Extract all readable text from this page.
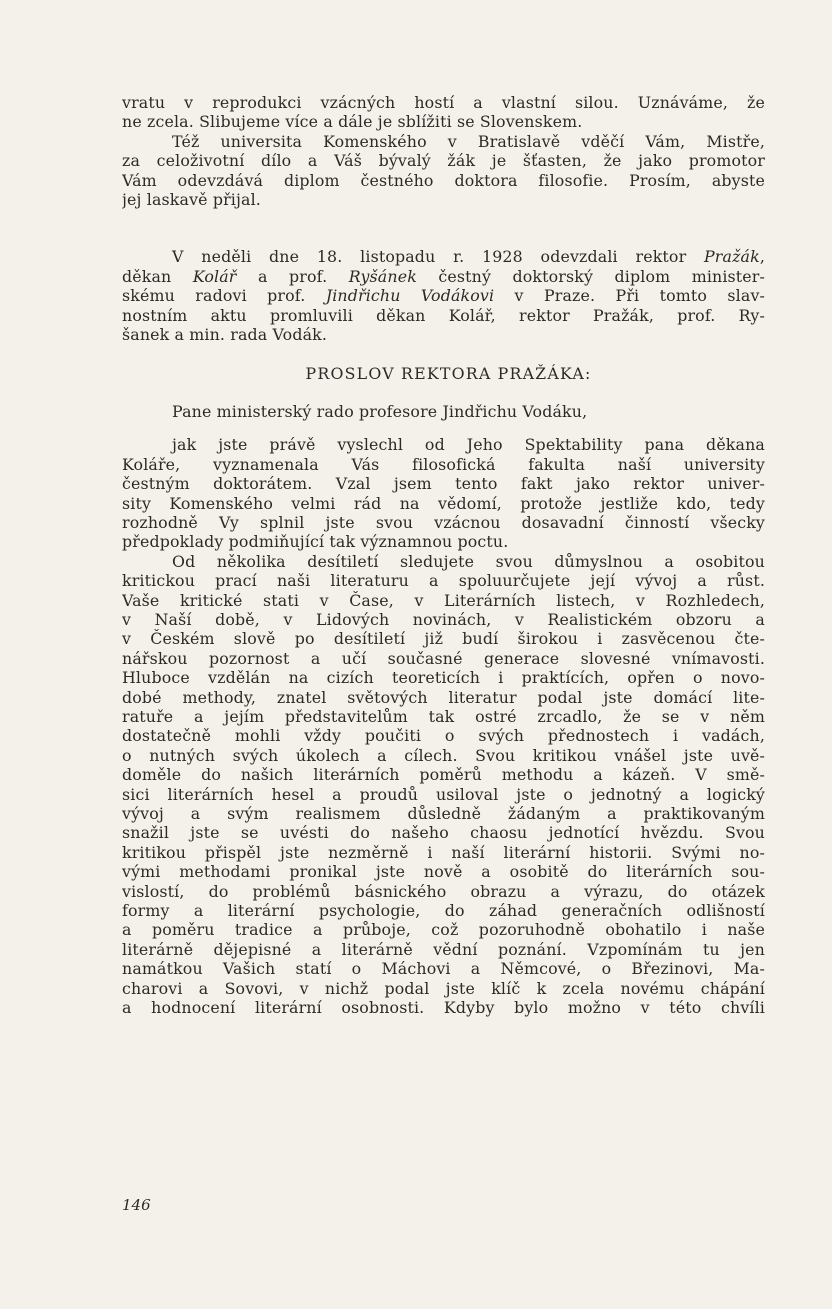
vratu v reprodukci vzácných hostí a vlastní silou. Uznáváme, že
ne zcela. Slibujeme více a dále je sblížiti se Slovenskem.

Též universita Komenského v Bratislavě vděčí Vám, Mistře,
za celoživotní dílo a Váš bývalý žák je šťasten, že jako promotor
Vám odevzdává diplom čestného doktora filosofie. Prosím, abyste
jej laskavě přijal.

V neděli dne 18. listopadu r. 1928 odevzdali rektor Pražák,
děkan Kolář a prof. Ryšánek čestný doktorský diplom minister-
skému radovi prof. Jindřichu Vodákovi v Praze. Při tomto slav-
nostním aktu promluvili děkan Kolář, rektor Pražák, prof. Ry-
šanek a min. rada Vodák.

PROSLOV REKTORA PRAŽÁKA:
Pane ministerský rado profesore Jindřichu Vodáku,

jak jste právě vyslechl od Jeho Spektability pana děkana
Koláře, vyznamenala Vás filosofická fakulta naší university
čestným doktorátem. Vzal jsem tento fakt jako rektor univer-
sity Komenského velmi rád na vědomí, protože jestliže kdo, tedy
rozhodně Vy splnil jste svou vzácnou dosavadní činností všecky
předpoklady podmiňující tak významnou poctu.

Od několika desítiletí sledujete svou důmyslnou a osobitou
kritickou prací naši literaturu a spoluurčujete její vývoj a růst.
Vaše kritické stati v Čase, v Literárních listech, v Rozhledech,
v Naší době, v Lidových novinách, v Realistickém obzoru a
v Českém slově po desítiletí již budí širokou i zasvěcenou čte-
nářskou pozornost a učí současné generace slovesné vnímavosti.
Hluboce vzdělán na cizích teoreticích i praktících, opřen o novo-
dobé methody, znatel světových literatur podal jste domácí lite-
ratuře a jejím představitelům tak ostré zrcadlo, že se v něm
dostatečně mohli vždy poučiti o svých přednostech i vadách,
o nutných svých úkolech a cílech. Svou kritikou vnášel jste uvě-
doměle do našich literárních poměrů methodu a kázeň. V smě-
sici literárních hesel a proudů usiloval jste o jednotný a logický
vývoj a svým realismem důsledně žádaným a praktikovaným
snažil jste se uvésti do našeho chaosu jednotící hvězdu. Svou
kritikou přispěl jste nezměrně i naší literární historii. Svými no-
vými methodami pronikal jste nově a osobitě do literárních sou-
vislostí, do problémů básnického obrazu a výrazu, do otázek
formy a literární psychologie, do záhad generačních odlišností
a poměru tradice a průboje, což pozoruhodně obohatilo i naše
literárně dějepisné a literárně vědní poznání. Vzpomínám tu jen
namátkou Vašich statí o Máchovi a Němcové, o Březinovi, Ma-
charovi a Sovovi, v nichž podal jste klíč k zcela novému chápání
a hodnocení literární osobnosti. Kdyby bylo možno v této chvíli

146
